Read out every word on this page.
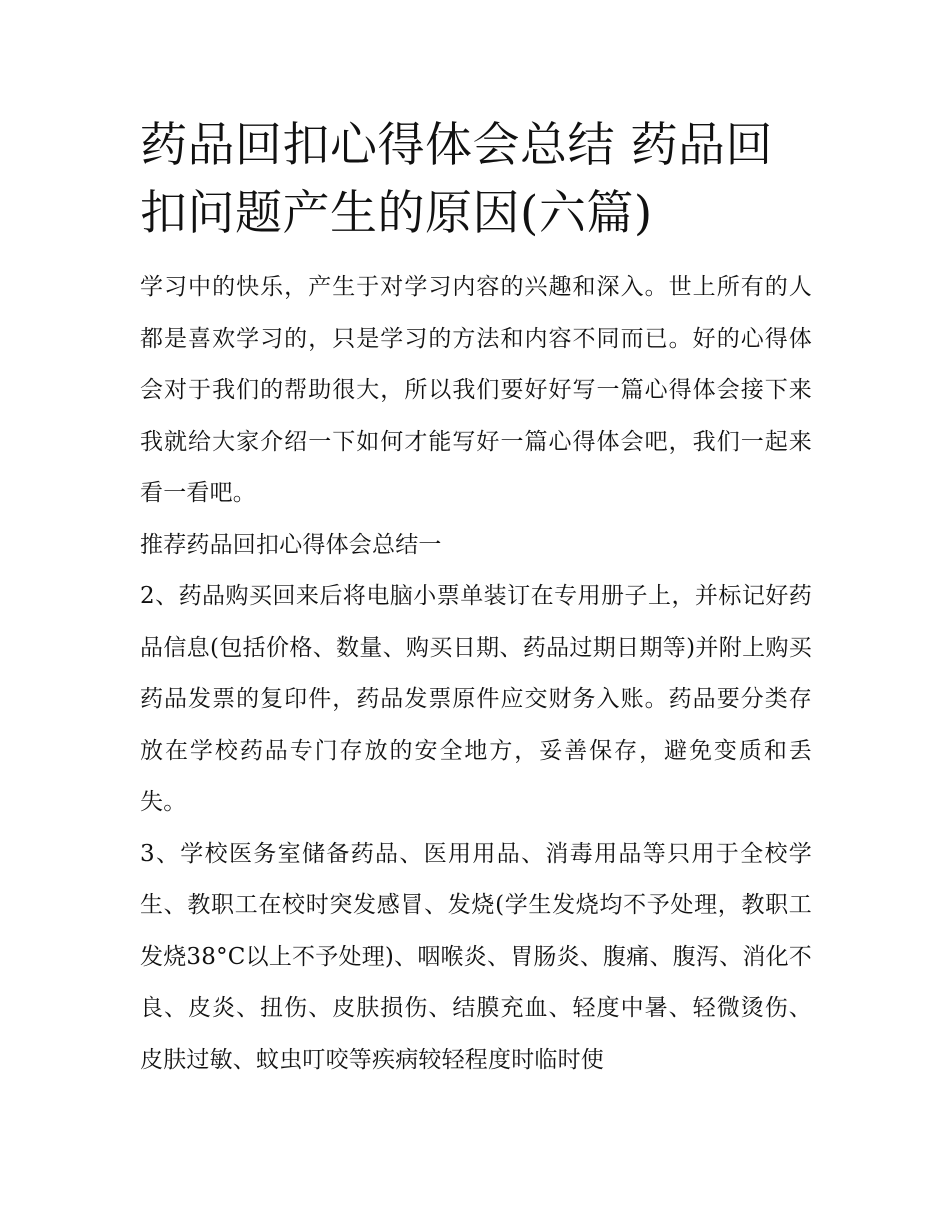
药品回扣心得体会总结 药品回扣问题产生的原因(六篇)

学习中的快乐，产生于对学习内容的兴趣和深入。世上所有的人都是喜欢学习的，只是学习的方法和内容不同而已。好的心得体会对于我们的帮助很大，所以我们要好好写一篇心得体会接下来我就给大家介绍一下如何才能写好一篇心得体会吧，我们一起来看一看吧。

推荐药品回扣心得体会总结一

2、药品购买回来后将电脑小票单装订在专用册子上，并标记好药品信息(包括价格、数量、购买日期、药品过期日期等)并附上购买药品发票的复印件，药品发票原件应交财务入账。药品要分类存放在学校药品专门存放的安全地方，妥善保存，避免变质和丢失。

3、学校医务室储备药品、医用用品、消毒用品等只用于全校学生、教职工在校时突发感冒、发烧(学生发烧均不予处理，教职工发烧38°C以上不予处理)、咽喉炎、胃肠炎、腹痛、腹泻、消化不良、皮炎、扭伤、皮肤损伤、结膜充血、轻度中暑、轻微烫伤、皮肤过敏、蚊虫叮咬等疾病较轻程度时临时使
